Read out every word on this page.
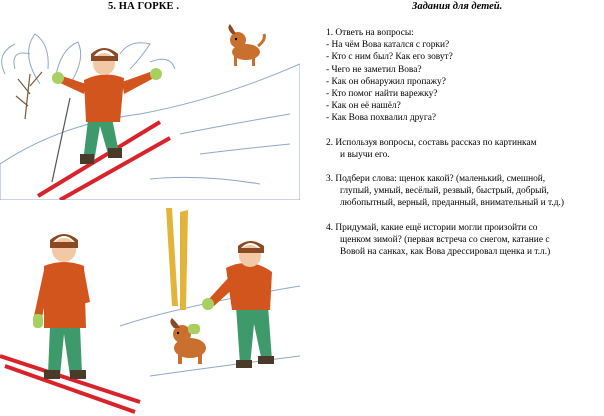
5. НА ГОРКЕ .	Задания для детей.
1. Ответь на вопросы:
- На чём Вова катался с горки?
- Кто с ним был? Как его зовут?
- Чего не заметил Вова?
- Как он обнаружил пропажу?
- Кто помог найти варежку?
- Как он её нашёл?
- Как Вова похвалил друга?
2. Используя вопросы, составь рассказ по картинкам
и выучи его.
3. Подбери слова: щенок какой? (маленький, смешной,
глупый, умный, весёлый, резвый, быстрый, добрый,
любопытный, верный, преданный, внимательный и т.д.)
4. Придумай, какие ещё истории могли произойти со
щенком зимой? (первая встреча со снегом, катание с
Вовой на санках, как Вова дрессировал щенка и т.л.)
